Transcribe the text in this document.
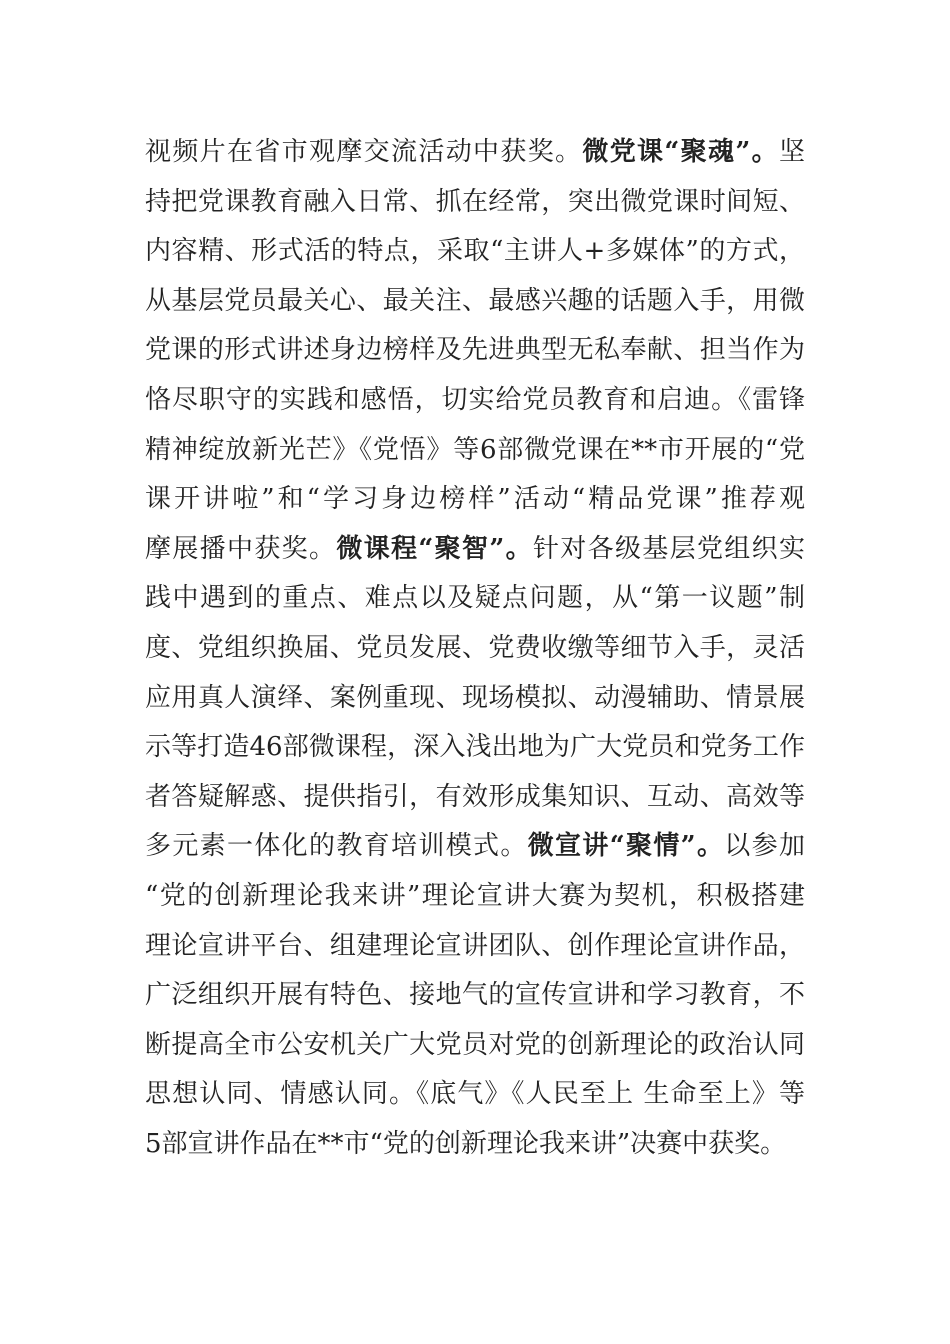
视频片在省市观摩交流活动中获奖。微党课“聚魂”。坚
持把党课教育融入日常、抓在经常，突出微党课时间短、
内容精、形式活的特点，采取“主讲人+多媒体”的方式，
从基层党员最关心、最关注、最感兴趣的话题入手，用微
党课的形式讲述身边榜样及先进典型无私奉献、担当作为
恪尽职守的实践和感悟，切实给党员教育和启迪。《雷锋
精神绽放新光芒》《党悟》等6部微党课在**市开展的“党
课开讲啦”和“学习身边榜样”活动“精品党课”推荐观
摩展播中获奖。微课程“聚智”。针对各级基层党组织实
践中遇到的重点、难点以及疑点问题，从“第一议题”制
度、党组织换届、党员发展、党费收缴等细节入手，灵活
应用真人演绎、案例重现、现场模拟、动漫辅助、情景展
示等打造46部微课程，深入浅出地为广大党员和党务工作
者答疑解惑、提供指引，有效形成集知识、互动、高效等
多元素一体化的教育培训模式。微宣讲“聚情”。以参加
“党的创新理论我来讲”理论宣讲大赛为契机，积极搭建
理论宣讲平台、组建理论宣讲团队、创作理论宣讲作品，
广泛组织开展有特色、接地气的宣传宣讲和学习教育，不
断提高全市公安机关广大党员对党的创新理论的政治认同
思想认同、情感认同。《底气》《人民至上 生命至上》等
5部宣讲作品在**市“党的创新理论我来讲”决赛中获奖。
